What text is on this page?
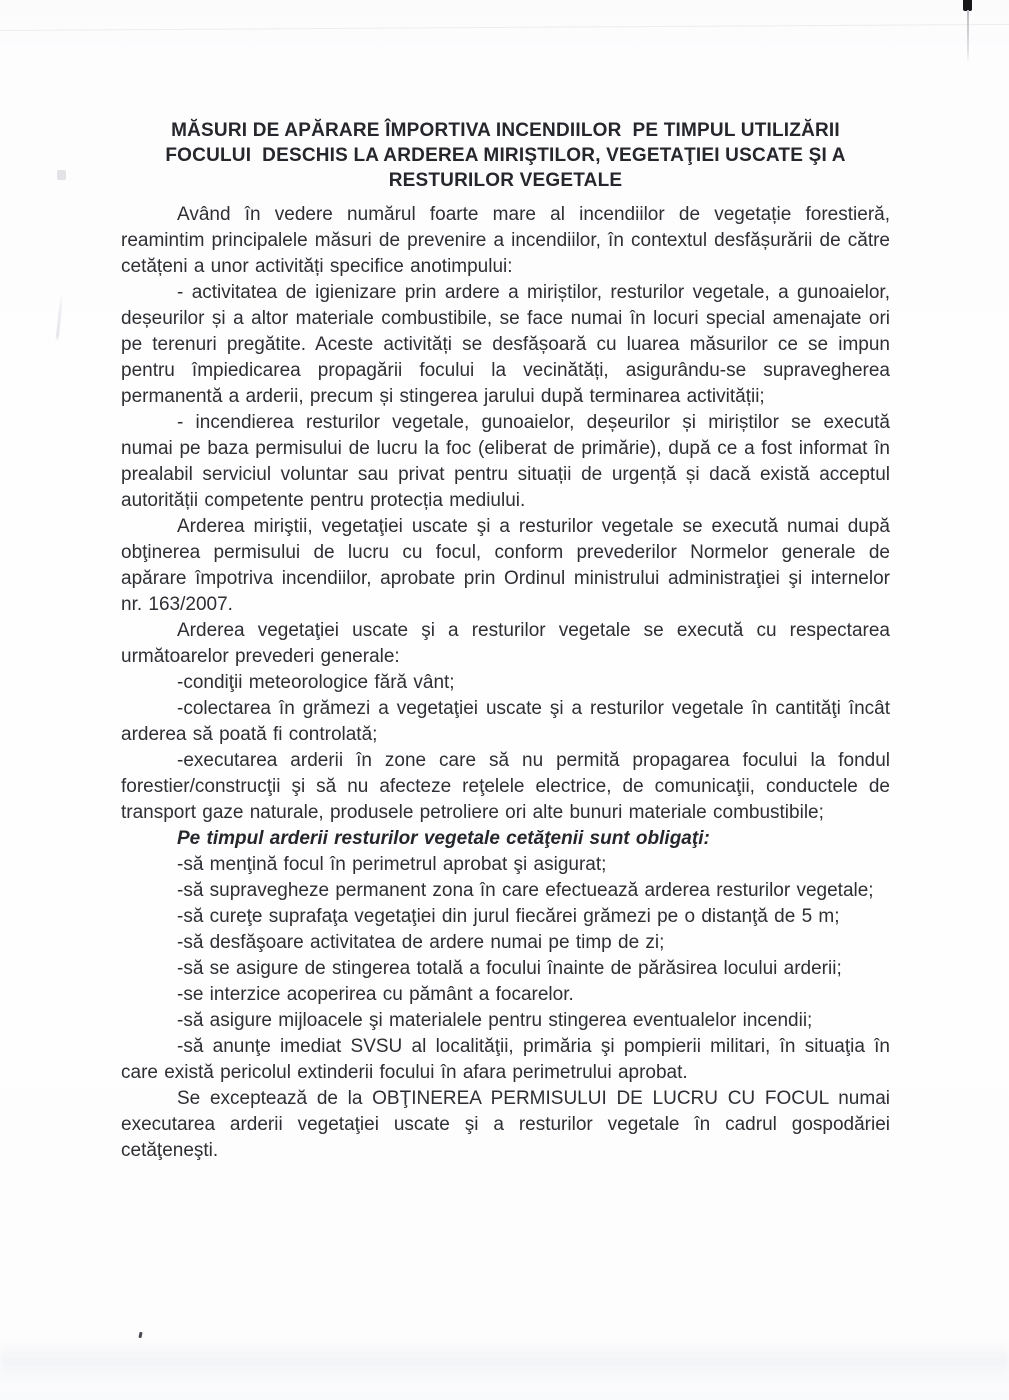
MĂSURI DE APĂRARE ÎMPORTIVA INCENDIILOR  PE TIMPUL UTILIZĂRII
FOCULUI  DESCHIS LA ARDEREA MIRIŞTILOR, VEGETAŢIEI USCATE ŞI A
RESTURILOR VEGETALE

Având în vedere numărul foarte mare al incendiilor de vegetație forestieră, reamintim principalele măsuri de prevenire a incendiilor, în contextul desfășurării de către cetățeni a unor activități specifice anotimpului:

- activitatea de igienizare prin ardere a miriștilor, resturilor vegetale, a gunoaielor, deșeurilor și a altor materiale combustibile, se face numai în locuri special amenajate ori pe terenuri pregătite. Aceste activități se desfășoară cu luarea măsurilor ce se impun pentru împiedicarea propagării focului la vecinătăți, asigurându-se supravegherea permanentă a arderii, precum și stingerea jarului după terminarea activității;

- incendierea resturilor vegetale, gunoaielor, deșeurilor și miriștilor se execută numai pe baza permisului de lucru la foc (eliberat de primărie), după ce a fost informat în prealabil serviciul voluntar sau privat pentru situații de urgență și dacă există acceptul autorității competente pentru protecția mediului.

Arderea miriştii, vegetaţiei uscate şi a resturilor vegetale se execută numai după obţinerea permisului de lucru cu focul, conform prevederilor Normelor generale de apărare împotriva incendiilor, aprobate prin Ordinul ministrului administraţiei şi internelor nr. 163/2007.

Arderea vegetaţiei uscate şi a resturilor vegetale se execută cu respectarea următoarelor prevederi generale:

-condiţii meteorologice fără vânt;

-colectarea în grămezi a vegetaţiei uscate şi a resturilor vegetale în cantităţi încât arderea să poată fi controlată;

-executarea arderii în zone care să nu permită propagarea focului la fondul forestier/construcţii şi să nu afecteze reţelele electrice, de comunicaţii, conductele de transport gaze naturale, produsele petroliere ori alte bunuri materiale combustibile;

Pe timpul arderii resturilor vegetale cetăţenii sunt obligaţi:

-să menţină focul în perimetrul aprobat şi asigurat;

-să supravegheze permanent zona în care efectuează arderea resturilor vegetale;

-să cureţe suprafaţa vegetaţiei din jurul fiecărei grămezi pe o distanţă de 5 m;

-să desfăşoare activitatea de ardere numai pe timp de zi;

-să se asigure de stingerea totală a focului înainte de părăsirea locului arderii;

-se interzice acoperirea cu pământ a focarelor.

-să asigure mijloacele şi materialele pentru stingerea eventualelor incendii;

-să anunţe imediat SVSU al localităţii, primăria şi pompierii militari, în situaţia în care există pericolul extinderii focului în afara perimetrului aprobat.

Se exceptează de la OBŢINEREA PERMISULUI DE LUCRU CU FOCUL numai executarea arderii vegetaţiei uscate şi a resturilor vegetale în cadrul gospodăriei cetăţeneşti.
